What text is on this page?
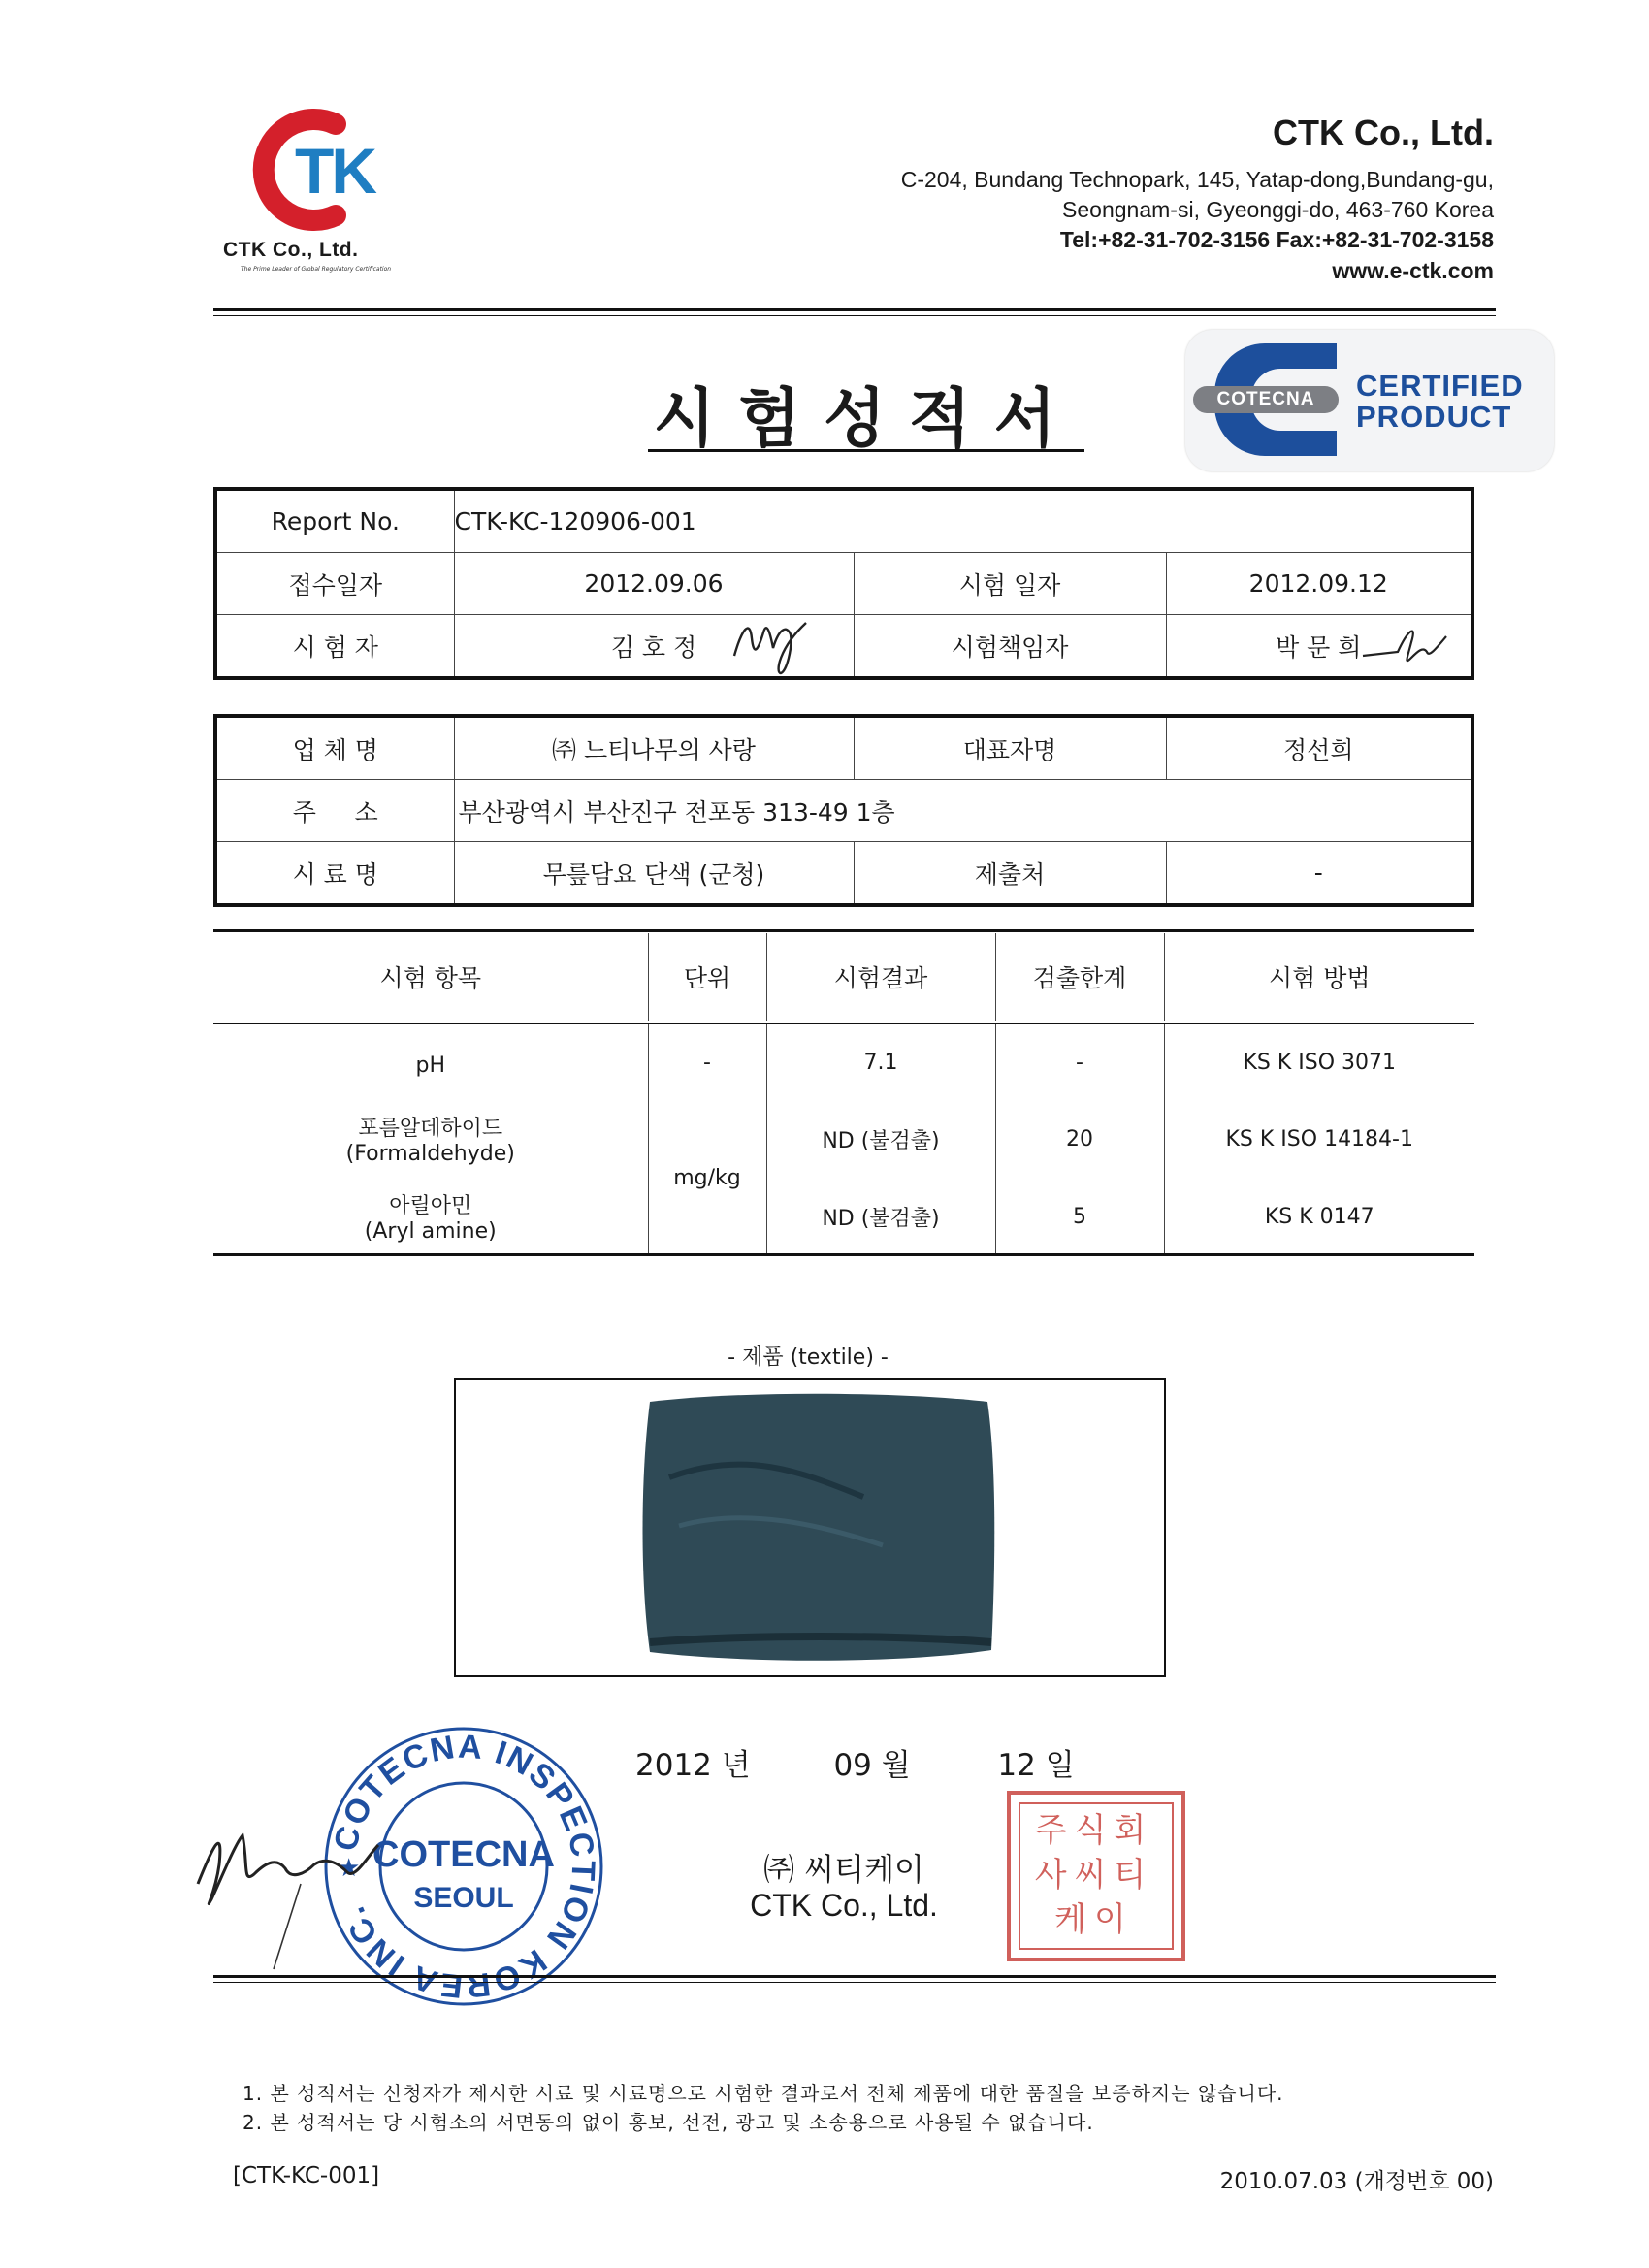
TK
CTK Co., Ltd.
The Prime Leader of Global Regulatory Certification
CTK Co., Ltd.
C-204, Bundang Technopark, 145, Yatap-dong,Bundang-gu,
Seongnam-si, Gyeonggi-do, 463-760 Korea
Tel:+82-31-702-3156 Fax:+82-31-702-3158
www.e-ctk.com
시험성적서	COTECNA	CERTIFIED
PRODUCT
Report No.	CTK-KC-120906-001		
접수일자	2012.09.06	시험 일자	2012.09.12
시 험 자	김 호 정	시험책임자	박 문 희
업 체 명	㈜ 느티나무의 사랑	대표자명	정선희
주     소	부산광역시 부산진구 전포동 313-49 1층		
시 료 명	무릎담요 단색 (군청)	제출처	-
시험 항목	단위	시험결과	검출한계	시험 방법

pH	-	7.1	-	KS K ISO 3071

포름알데하이드
(Formaldehyde)	mg/kg	ND (불검출)	20	KS K ISO 14184-1

아릴아민
(Aryl amine)		ND (불검출)	5	KS K 0147
- 제품 (textile) -
2012 년	09 월	12 일
COTECNA INSPECTION KOREA INC.
★ COTECNA
SEOUL
㈜ 씨티케이
CTK Co., Ltd.
주식회사씨티케이
1. 본 성적서는 신청자가 제시한 시료 및 시료명으로 시험한 결과로서 전체 제품에 대한 품질을 보증하지는 않습니다.
2. 본 성적서는 당 시험소의 서면동의 없이 홍보, 선전, 광고 및 소송용으로 사용될 수 없습니다.
[CTK-KC-001]	2010.07.03 (개정번호 00)
